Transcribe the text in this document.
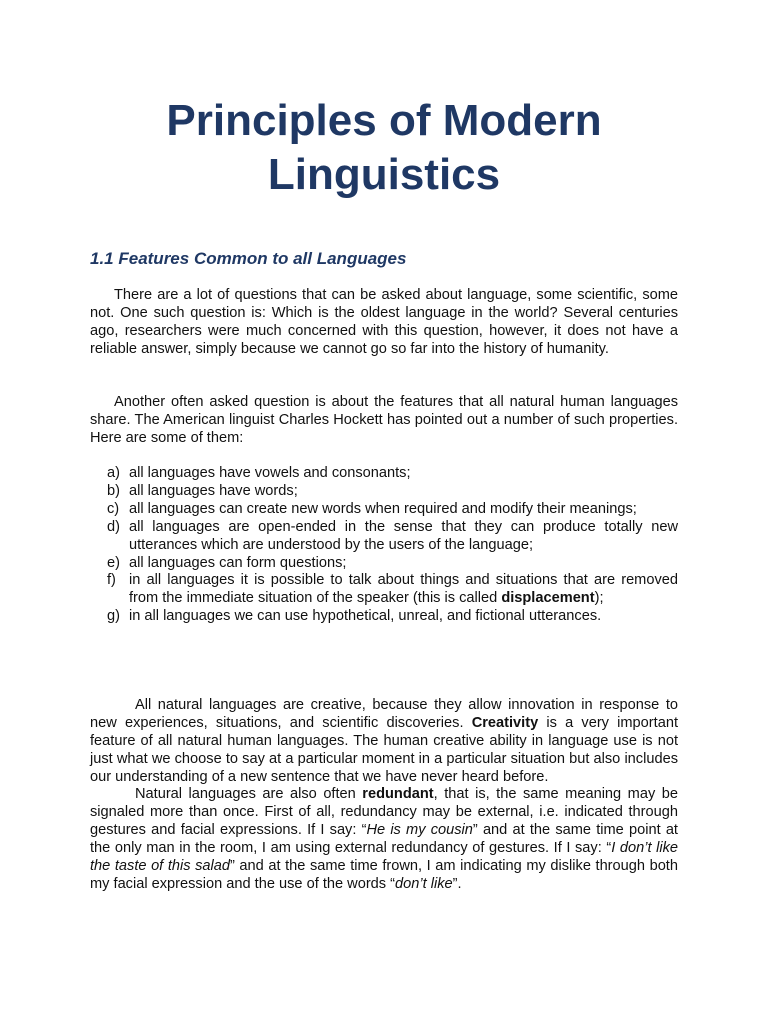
Principles of Modern
Linguistics
1.1 Features Common to all Languages

There are a lot of questions that can be asked about language, some scientific, some not. One such question is: Which is the oldest language in the world? Several centuries ago, researchers were much concerned with this question, however, it does not have a reliable answer, simply because we cannot go so far into the history of humanity.

Another often asked question is about the features that all natural human languages share. The American linguist Charles Hockett has pointed out a number of such properties. Here are some of them:

a) all languages have vowels and consonants;
b) all languages have words;
c) all languages can create new words when required and modify their meanings;
d) all languages are open-ended in the sense that they can produce totally new utterances which are understood by the users of the language;
e) all languages can form questions;
f) in all languages it is possible to talk about things and situations that are removed from the immediate situation of the speaker (this is called displacement);
g) in all languages we can use hypothetical, unreal, and fictional utterances.

All natural languages are creative, because they allow innovation in response to new experiences, situations, and scientific discoveries. Creativity is a very important feature of all natural human languages. The human creative ability in language use is not just what we choose to say at a particular moment in a particular situation but also includes our understanding of a new sentence that we have never heard before.

Natural languages are also often redundant, that is, the same meaning may be signaled more than once. First of all, redundancy may be external, i.e. indicated through gestures and facial expressions. If I say: “He is my cousin” and at the same time point at the only man in the room, I am using external redundancy of gestures. If I say: “I don’t like the taste of this salad” and at the same time frown, I am indicating my dislike through both my facial expression and the use of the words “don’t like”.
